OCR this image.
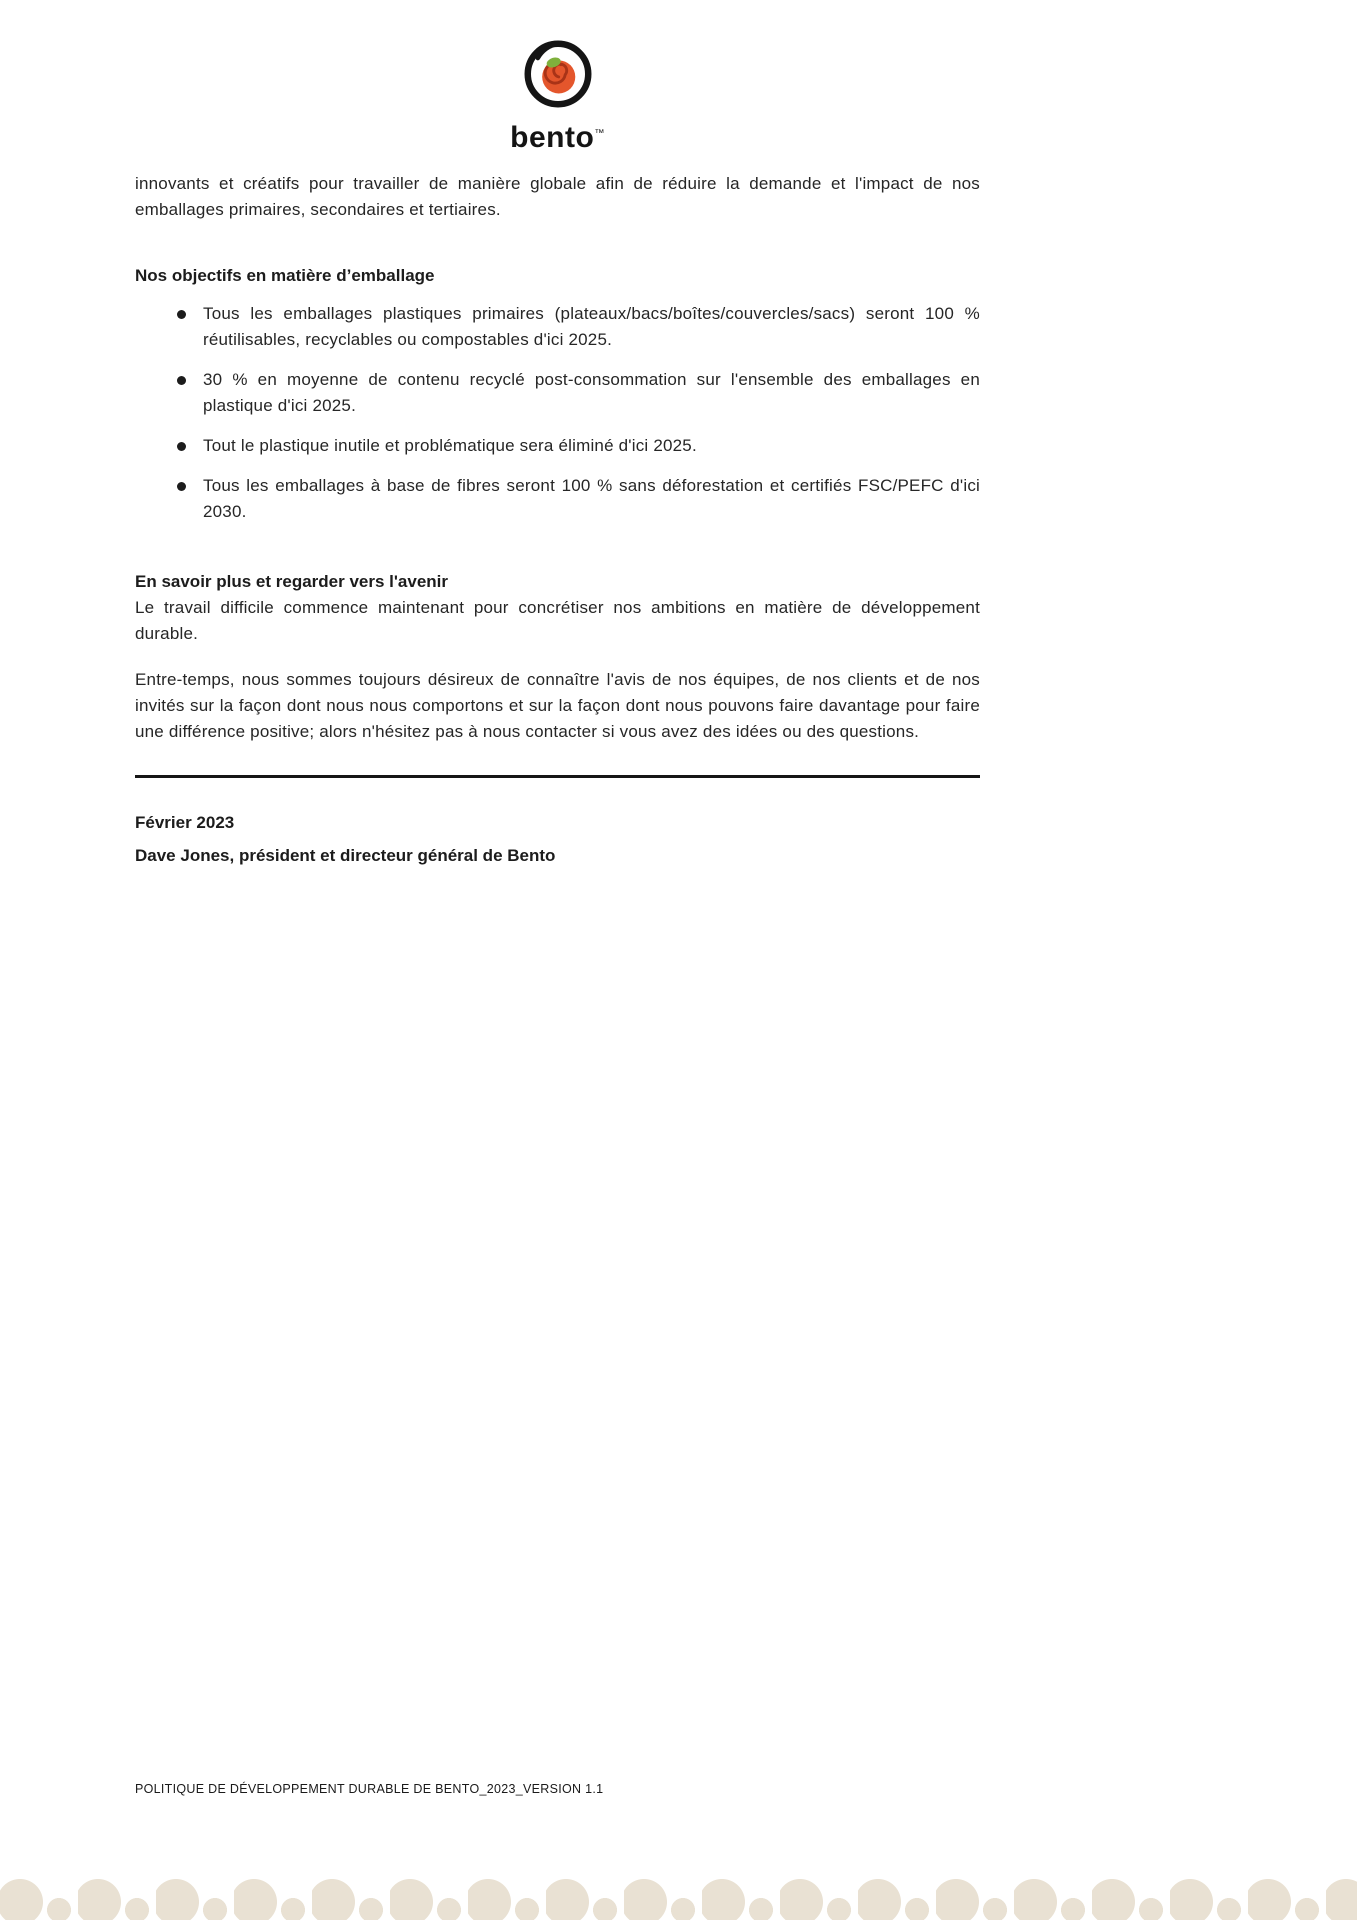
bento™

innovants et créatifs pour travailler de manière globale afin de réduire la demande et l'impact de nos emballages primaires, secondaires et tertiaires.

Nos objectifs en matière d’emballage
Tous les emballages plastiques primaires (plateaux/bacs/boîtes/couvercles/sacs) seront 100 % réutilisables, recyclables ou compostables d'ici 2025.
30 % en moyenne de contenu recyclé post-consommation sur l'ensemble des emballages en plastique d'ici 2025.
Tout le plastique inutile et problématique sera éliminé d'ici 2025.
Tous les emballages à base de fibres seront 100 % sans déforestation et certifiés FSC/PEFC d'ici 2030.
En savoir plus et regarder vers l'avenir

Le travail difficile commence maintenant pour concrétiser nos ambitions en matière de développement durable.

Entre-temps, nous sommes toujours désireux de connaître l'avis de nos équipes, de nos clients et de nos invités sur la façon dont nous nous comportons et sur la façon dont nous pouvons faire davantage pour faire une différence positive; alors n'hésitez pas à nous contacter si vous avez des idées ou des questions.

Février 2023

Dave Jones, président et directeur général de Bento

POLITIQUE DE DÉVELOPPEMENT DURABLE DE BENTO_2023_VERSION 1.1
